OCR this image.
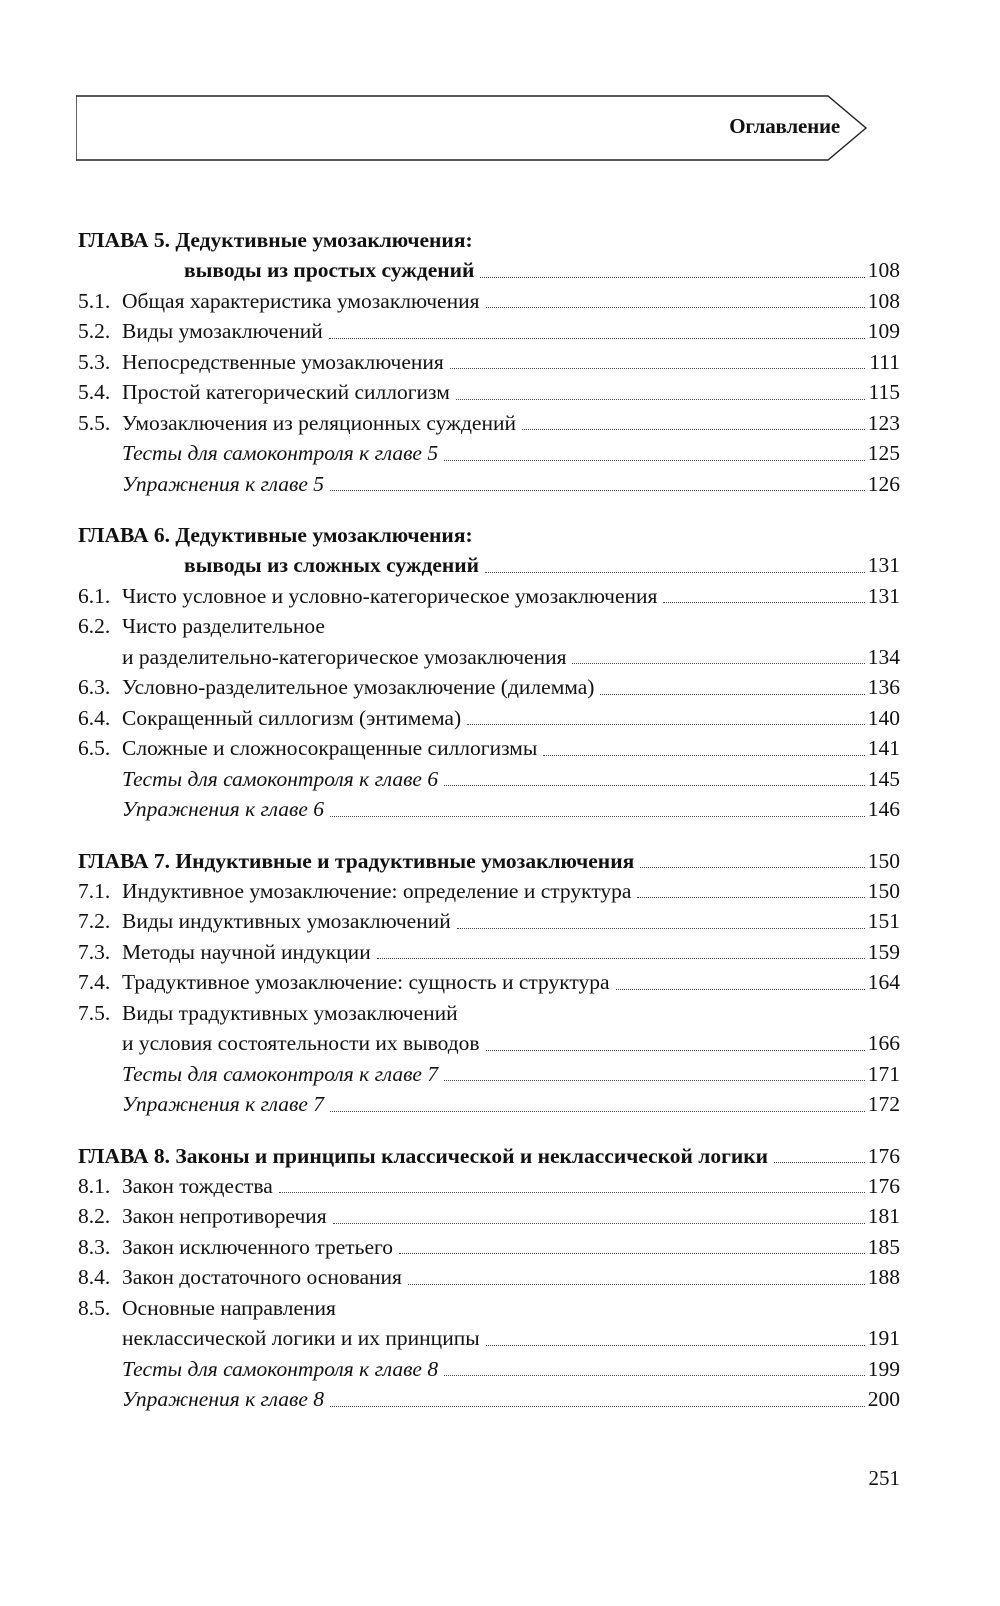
Оглавление
ГЛАВА 5. Дедуктивные умозаключения:
выводы из простых суждений	108
5.1. Общая характеристика умозаключения	108
5.2. Виды умозаключений	109
5.3. Непосредственные умозаключения	111
5.4. Простой категорический силлогизм	115
5.5. Умозаключения из реляционных суждений	123
Тесты для самоконтроля к главе 5	125
Упражнения к главе 5	126
ГЛАВА 6. Дедуктивные умозаключения:
выводы из сложных суждений	131
6.1. Чисто условное и условно-категорическое умозаключения	131
6.2. Чисто разделительное
и разделительно-категорическое умозаключения	134
6.3. Условно-разделительное умозаключение (дилемма)	136
6.4. Сокращенный силлогизм (энтимема)	140
6.5. Сложные и сложносокращенные силлогизмы	141
Тесты для самоконтроля к главе 6	145
Упражнения к главе 6	146
ГЛАВА 7. Индуктивные и традуктивные умозаключения	150
7.1. Индуктивное умозаключение: определение и структура	150
7.2. Виды индуктивных умозаключений	151
7.3. Методы научной индукции	159
7.4. Традуктивное умозаключение: сущность и структура	164
7.5. Виды традуктивных умозаключений
и условия состоятельности их выводов	166
Тесты для самоконтроля к главе 7	171
Упражнения к главе 7	172
ГЛАВА 8. Законы и принципы классической и неклассической логики	176
8.1. Закон тождества	176
8.2. Закон непротиворечия	181
8.3. Закон исключенного третьего	185
8.4. Закон достаточного основания	188
8.5. Основные направления
неклассической логики и их принципы	191
Тесты для самоконтроля к главе 8	199
Упражнения к главе 8	200
251
